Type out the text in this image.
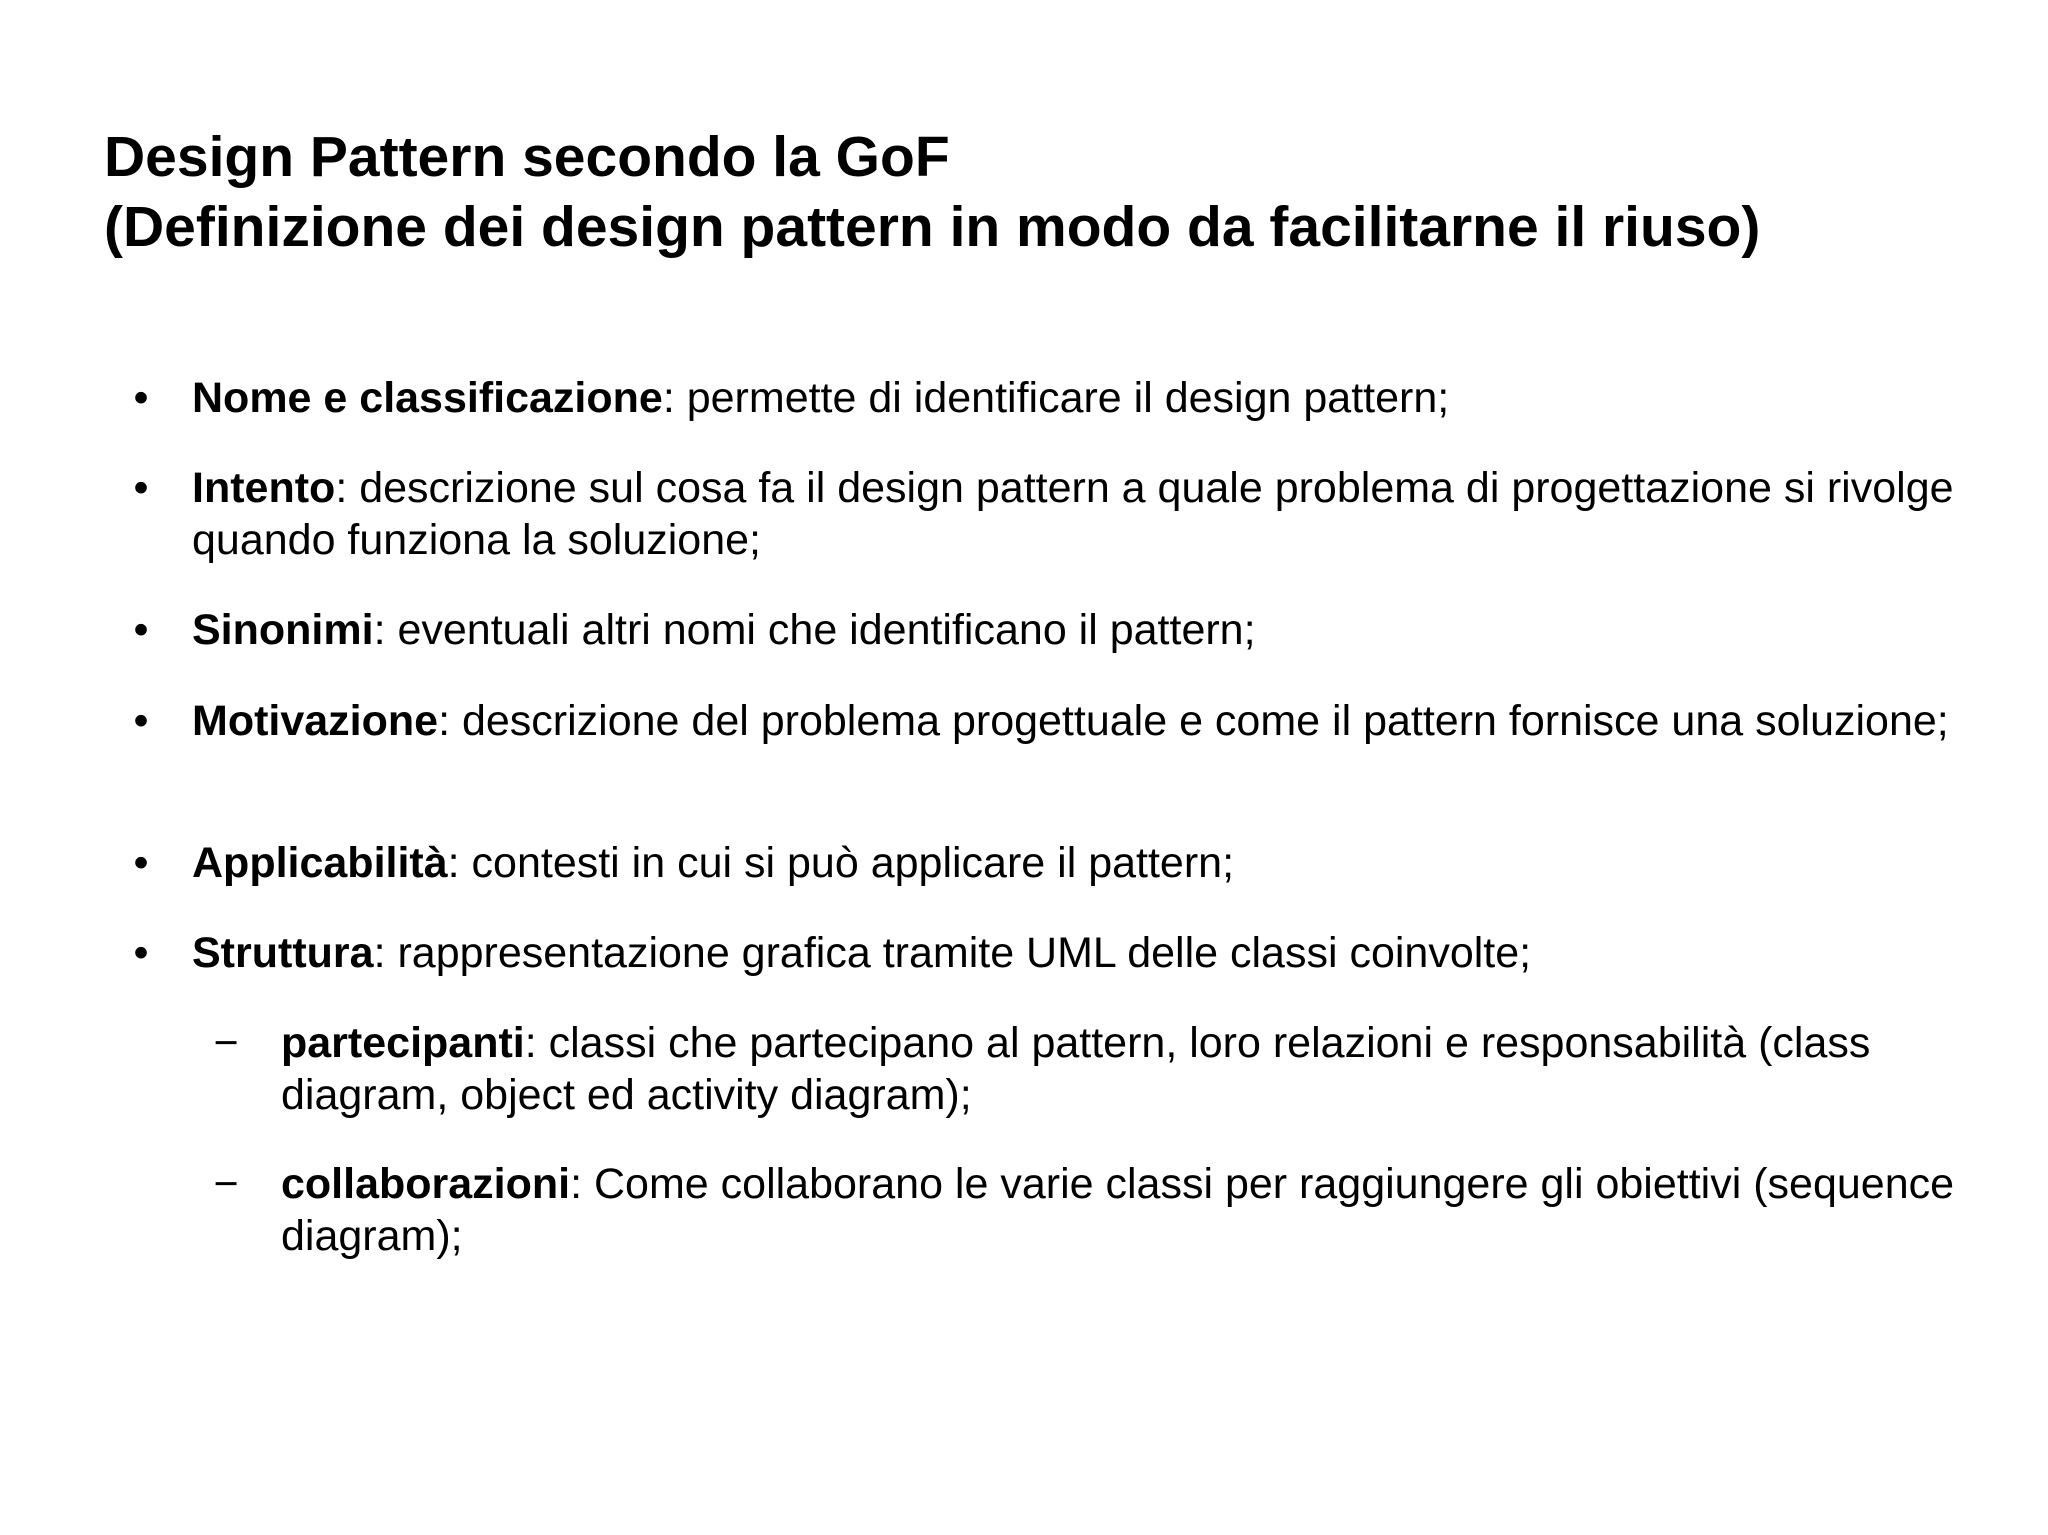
Design Pattern secondo la GoF
(Definizione dei design pattern in modo da facilitarne il riuso)
• Nome e classificazione: permette di identificare il design pattern;
• Intento: descrizione sul cosa fa il design pattern a quale problema di progettazione si rivolge quando funziona la soluzione;
• Sinonimi: eventuali altri nomi che identificano il pattern;
• Motivazione: descrizione del problema progettuale e come il pattern fornisce una soluzione;
• Applicabilità: contesti in cui si può applicare il pattern;
• Struttura: rappresentazione grafica tramite UML delle classi coinvolte;
− partecipanti: classi che partecipano al pattern, loro relazioni e responsabilità (class diagram, object ed activity diagram);
− collaborazioni: Come collaborano le varie classi per raggiungere gli obiettivi (sequence diagram);
